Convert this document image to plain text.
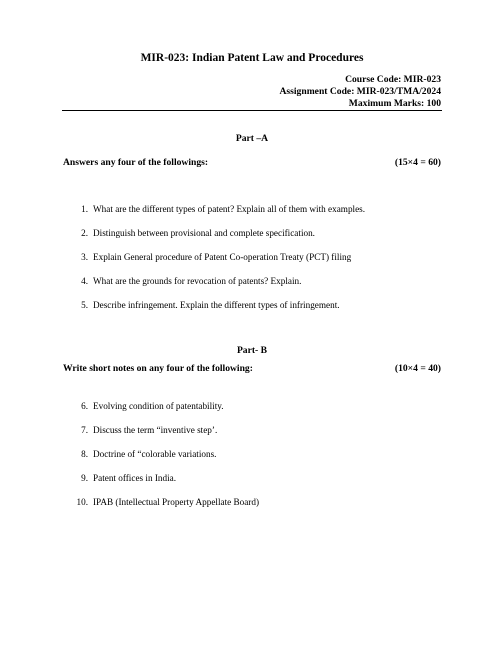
MIR-023: Indian Patent Law and Procedures
Course Code: MIR-023
Assignment Code: MIR-023/TMA/2024
Maximum Marks: 100
Part –A
Answers any four of the followings:	(15×4 = 60)
1. What are the different types of patent? Explain all of them with examples.
2. Distinguish between provisional and complete specification.
3. Explain General procedure of Patent Co-operation Treaty (PCT) filing
4. What are the grounds for revocation of patents? Explain.
5. Describe infringement. Explain the different types of infringement.
Part- B
Write short notes on any four of the following:	(10×4 = 40)
6. Evolving condition of patentability.
7. Discuss the term “inventive step’.
8. Doctrine of “colorable variations.
9. Patent offices in India.
10. IPAB (Intellectual Property Appellate Board)
